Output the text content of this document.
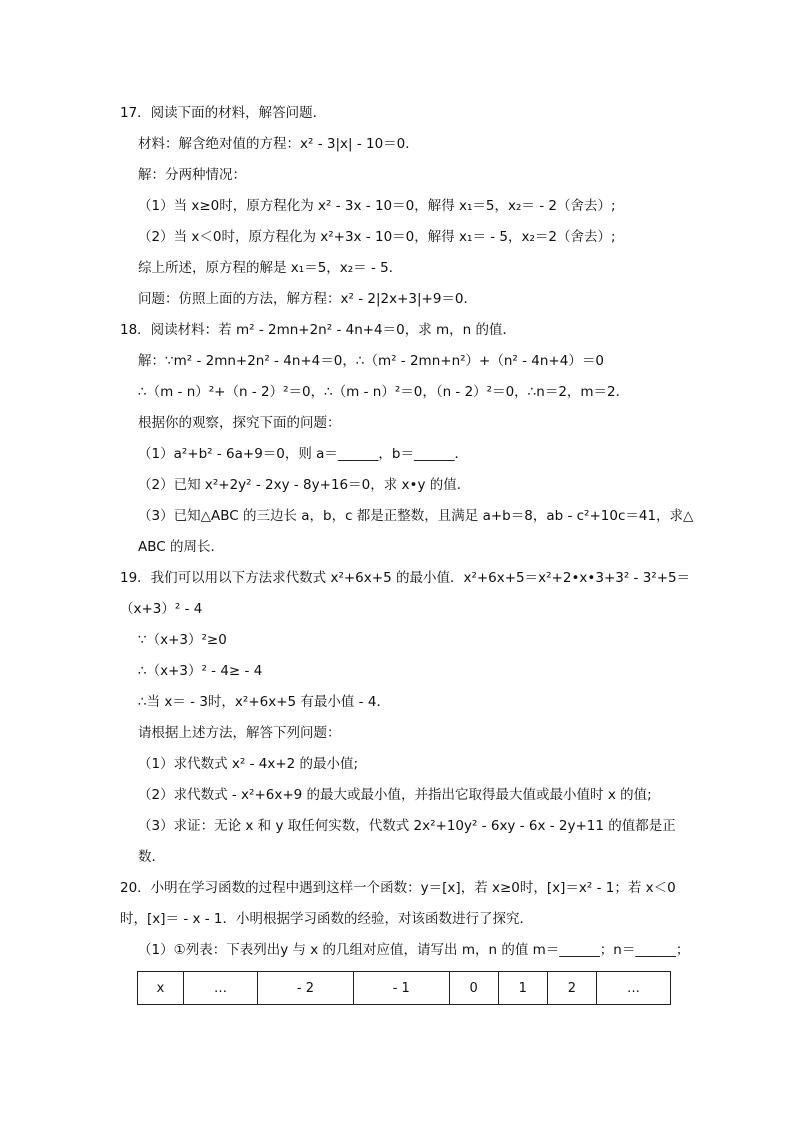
17．阅读下面的材料，解答问题．
材料：解含绝对值的方程：x² - 3|x| - 10＝0．
解：分两种情况：
（1）当 x≥0时，原方程化为 x² - 3x - 10＝0，解得 x₁＝5，x₂＝ - 2（舍去）;
（2）当 x＜0时，原方程化为 x²+3x - 10＝0，解得 x₁＝ - 5，x₂＝2（舍去）;
综上所述，原方程的解是 x₁＝5，x₂＝ - 5．
问题：仿照上面的方法，解方程：x² - 2|2x+3|+9＝0．
18．阅读材料：若 m² - 2mn+2n² - 4n+4＝0，求 m，n 的值．
解：∵m² - 2mn+2n² - 4n+4＝0，∴（m² - 2mn+n²）+（n² - 4n+4）＝0
∴（m - n）²+（n - 2）²＝0，∴（m - n）²＝0，（n - 2）²＝0，∴n＝2，m＝2．
根据你的观察，探究下面的问题：
（1）a²+b² - 6a+9＝0，则 a＝______，b＝______．
（2）已知 x²+2y² - 2xy - 8y+16＝0，求 x•y 的值．
（3）已知△ABC 的三边长 a，b，c 都是正整数，且满足 a+b＝8，ab - c²+10c＝41，求△
ABC 的周长．
19．我们可以用以下方法求代数式 x²+6x+5 的最小值．x²+6x+5＝x²+2•x•3+3² - 3²+5＝
（x+3）² - 4
∵（x+3）²≥0
∴（x+3）² - 4≥ - 4
∴当 x＝ - 3时，x²+6x+5 有最小值 - 4．
请根据上述方法，解答下列问题：
（1）求代数式 x² - 4x+2 的最小值;
（2）求代数式 - x²+6x+9 的最大或最小值，并指出它取得最大值或最小值时 x 的值;
（3）求证：无论 x 和 y 取任何实数，代数式 2x²+10y² - 6xy - 6x - 2y+11 的值都是正
数．
20．小明在学习函数的过程中遇到这样一个函数：y＝[x]，若 x≥0时，[x]＝x² - 1；若 x＜0
时，[x]＝ - x - 1．小明根据学习函数的经验，对该函数进行了探究．
（1）①列表：下表列出y 与 x 的几组对应值，请写出 m，n 的值 m＝______；n＝______；
x	…	- 2	- 1	0	1	2	…
